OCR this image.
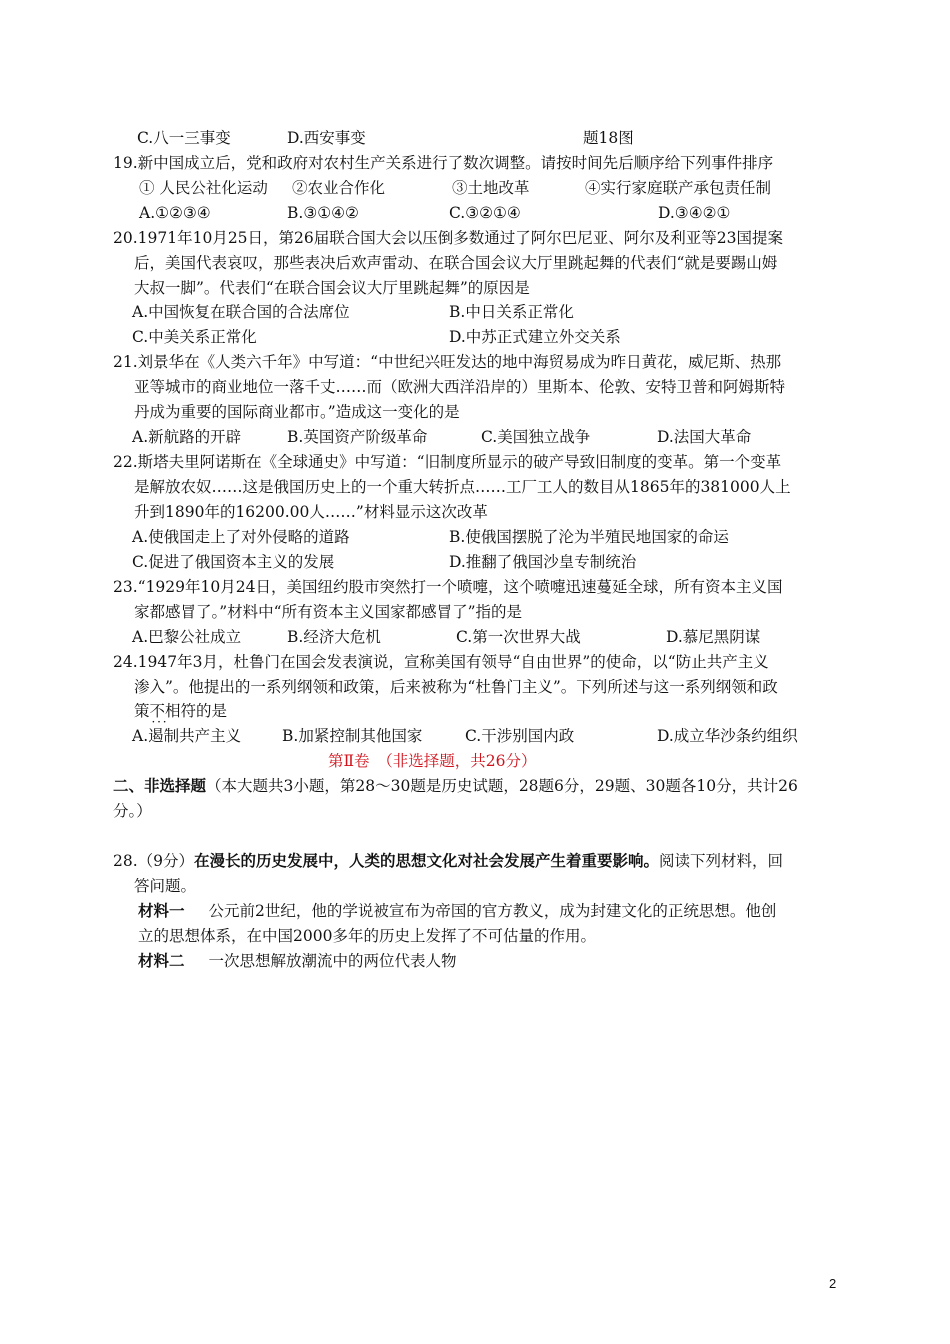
C.八一三事变	D.西安事变	题18图
19.新中国成立后，党和政府对农村生产关系进行了数次调整。请按时间先后顺序给下列事件排序
① 人民公社化运动 ②农业合作化	③土地改革	④实行家庭联产承包责任制
A.①②③④	B.③①④②	C.③②①④	D.③④②①
20.1971年10月25日，第26届联合国大会以压倒多数通过了阿尔巴尼亚、阿尔及利亚等23国提案
后，美国代表哀叹，那些表决后欢声雷动、在联合国会议大厅里跳起舞的代表们“就是要踢山姆
大叔一脚”。代表们“在联合国会议大厅里跳起舞”的原因是
A.中国恢复在联合国的合法席位	B.中日关系正常化
C.中美关系正常化	D.中苏正式建立外交关系
21.刘景华在《人类六千年》中写道：“中世纪兴旺发达的地中海贸易成为昨日黄花，威尼斯、热那
亚等城市的商业地位一落千丈……而（欧洲大西洋沿岸的）里斯本、伦敦、安特卫普和阿姆斯特
丹成为重要的国际商业都市。”造成这一变化的是
A.新航路的开辟	B.英国资产阶级革命	C.美国独立战争	D.法国大革命
22.斯塔夫里阿诺斯在《全球通史》中写道：“旧制度所显示的破产导致旧制度的变革。第一个变革
是解放农奴……这是俄国历史上的一个重大转折点……工厂工人的数目从1865年的381000人上
升到1890年的16200.00人……”材料显示这次改革
A.使俄国走上了对外侵略的道路	B.使俄国摆脱了沦为半殖民地国家的命运
C.促进了俄国资本主义的发展	D.推翻了俄国沙皇专制统治
23.“1929年10月24日，美国纽约股市突然打一个喷嚏，这个喷嚏迅速蔓延全球，所有资本主义国
家都感冒了。”材料中“所有资本主义国家都感冒了”指的是
A.巴黎公社成立	B.经济大危机	C.第一次世界大战	D.慕尼黑阴谋
24.1947年3月，杜鲁门在国会发表演说，宣称美国有领导“自由世界”的使命，以“防止共产主义
渗入”。他提出的一系列纲领和政策，后来被称为“杜鲁门主义”。下列所述与这一系列纲领和政
策不相符 · · ·的是
A.遏制共产主义	B.加紧控制其他国家	C.干涉别国内政	D.成立华沙条约组织
第Ⅱ卷　（非选择题，共26分）
二、非选择题（本大题共3小题，第28～30题是历史试题，28题6分，29题、30题各10分，共计26
分。）
28.（9分）在漫长的历史发展中，人类的思想文化对社会发展产生着重要影响。阅读下列材料，回
答问题。
材料一 公元前2世纪，他的学说被宣布为帝国的官方教义，成为封建文化的正统思想。他创
立的思想体系，在中国2000多年的历史上发挥了不可估量的作用。
材料二 一次思想解放潮流中的两位代表人物
2
